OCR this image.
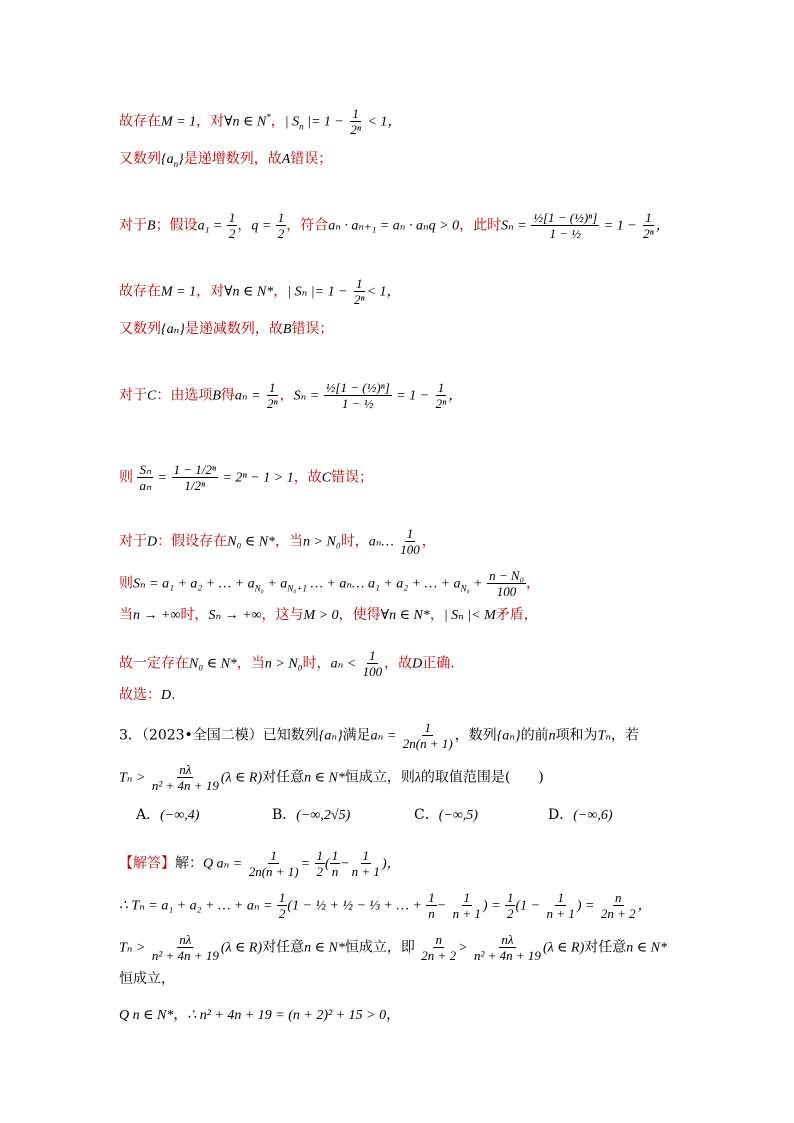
故存在M = 1，对∀n ∈ N*，| $S_n$ |= $1 - \frac{1}{\text{2ⁿ}} < 1$，
又数列$\{a_n\}$是递增数列，故A错误；
对于B；假设$a_1 = \frac{1}{2}$ ，$q = \frac{1}{2}$ ，符合aₙ · aₙ₊₁ = aₙ · aₙq > 0，此时$S_n = \frac{\text{½[1 − (½)ⁿ]}}{\text{1 − ½}} = 1 - \frac{1}{\text{2ⁿ}}$ ，
故存在M = 1，对∀n ∈ N*，| Sₙ |= $1 - \frac{1}{\text{2ⁿ}} < 1$，
又数列{aₙ}是递减数列，故B错误；
对于C：由选项B得$a_n = \frac{1}{\text{2ⁿ}}$ ，$S_n = \frac{\text{½[1 − (½)ⁿ]}}{\text{1 − ½}} = 1 - \frac{1}{\text{2ⁿ}}$ ，
则 $\frac{\text{Sₙ}}{\text{aₙ}} = \frac{\text{1 − 1/2ⁿ}}{\text{1/2ⁿ}} = 2^n - 1 > 1$，故C错误；
对于D：假设存在N₀ ∈ N*，当n > N₀时，aₙ… $\frac{1}{100}$ ，
则Sₙ = a₁ + a₂ + … + $a_{N_0} + a_{N_0+1}$ … + aₙ… a₁ + a₂ + … + $a_{N_0} + \frac{\text{n − N₀}}{100}$ ，
当n → +∞时，Sₙ → +∞，这与M > 0，使得∀n ∈ N*，| Sₙ |< M矛盾，
故一定存在N₀ ∈ N*，当n > N₀时，$a_n < \frac{1}{100}$ ，故D正确.
故选：D.
3．（2023•全国二模）已知数列{aₙ}满足$a_n = \frac{1}{2n(n + 1)}$ ，数列{aₙ}的前n项和为Tₙ，若
$T_n > \frac{n\lambda}{\text{n² + 4n + 19}} (\lambda$ ∈ R)对任意n ∈ N*恒成立，则λ的取值范围是(　　)
A．(−∞,4)	B．(−∞,2√5)	C．(−∞,5)	D．(−∞,6)
【解答】解：Q $a_n = \frac{1}{2n(n + 1)} = \frac{1}{2}$ ( $\frac{1}{n} - \frac{1}{n + 1}$ )，
∴ Tₙ = a₁ + a₂ + … + $a_n = \frac{1}{2} (1$ − ½ + ½ − ⅓ + … + $\frac{1}{n} - \frac{1}{n + 1}$ ) = $\frac{1}{2} (1 - \frac{1}{n + 1}$ ) = $\frac{n}{2n + 2}$ ，
$T_n > \frac{n\lambda}{\text{n² + 4n + 19}} (\lambda$ ∈ R)对任意n ∈ N*恒成立，即 $\frac{n}{2n + 2} > \frac{n\lambda}{\text{n² + 4n + 19}} (\lambda$ ∈ R)对任意n ∈ N*
恒成立，
Q n ∈ N*，∴ n² + 4n + 19 = (n + 2)² + 15 > 0，
